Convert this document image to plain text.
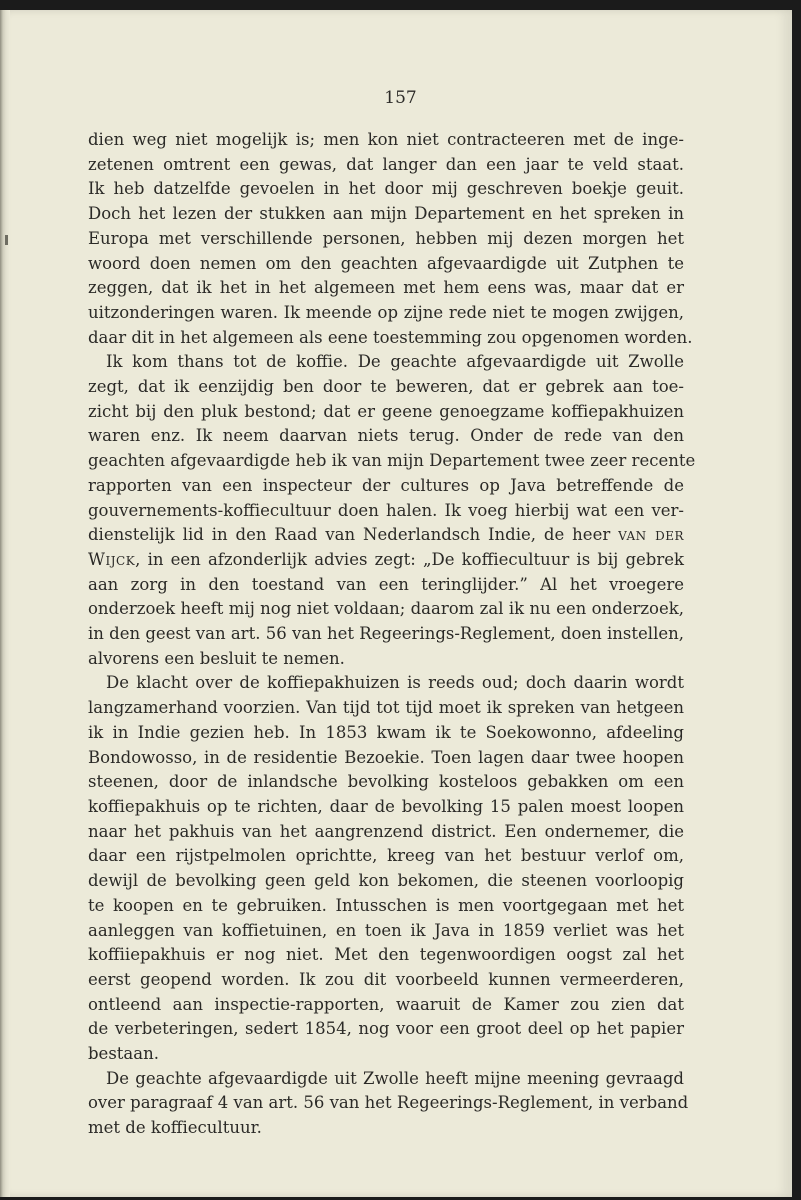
157
dien weg niet mogelijk is; men kon niet contracteeren met de inge-
zetenen omtrent een gewas, dat langer dan een jaar te veld staat.
Ik heb datzelfde gevoelen in het door mij geschreven boekje geuit.
Doch het lezen der stukken aan mijn Departement en het spreken in
Europa met verschillende personen, hebben mij dezen morgen het
woord doen nemen om den geachten afgevaardigde uit Zutphen te
zeggen, dat ik het in het algemeen met hem eens was, maar dat er
uitzonderingen waren. Ik meende op zijne rede niet te mogen zwijgen,
daar dit in het algemeen als eene toestemming zou opgenomen worden.
Ik kom thans tot de koffie. De geachte afgevaardigde uit Zwolle
zegt, dat ik eenzijdig ben door te beweren, dat er gebrek aan toe-
zicht bij den pluk bestond; dat er geene genoegzame koffiepakhuizen
waren enz. Ik neem daarvan niets terug. Onder de rede van den
geachten afgevaardigde heb ik van mijn Departement twee zeer recente
rapporten van een inspecteur der cultures op Java betreffende de
gouvernements-koffiecultuur doen halen. Ik voeg hierbij wat een ver-
dienstelijk lid in den Raad van Nederlandsch Indie, de heer van der
Wijck, in een afzonderlijk advies zegt: „De koffiecultuur is bij gebrek
aan zorg in den toestand van een teringlijder.” Al het vroegere
onderzoek heeft mij nog niet voldaan; daarom zal ik nu een onderzoek,
in den geest van art. 56 van het Regeerings-Reglement, doen instellen,
alvorens een besluit te nemen.
De klacht over de koffiepakhuizen is reeds oud; doch daarin wordt
langzamerhand voorzien. Van tijd tot tijd moet ik spreken van hetgeen
ik in Indie gezien heb. In 1853 kwam ik te Soekowonno, afdeeling
Bondowosso, in de residentie Bezoekie. Toen lagen daar twee hoopen
steenen, door de inlandsche bevolking kosteloos gebakken om een
koffiepakhuis op te richten, daar de bevolking 15 palen moest loopen
naar het pakhuis van het aangrenzend district. Een ondernemer, die
daar een rijstpelmolen oprichtte, kreeg van het bestuur verlof om,
dewijl de bevolking geen geld kon bekomen, die steenen voorloopig
te koopen en te gebruiken. Intusschen is men voortgegaan met het
aanleggen van koffietuinen, en toen ik Java in 1859 verliet was het
koffiiepakhuis er nog niet. Met den tegenwoordigen oogst zal het
eerst geopend worden. Ik zou dit voorbeeld kunnen vermeerderen,
ontleend aan inspectie-rapporten, waaruit de Kamer zou zien dat
de verbeteringen, sedert 1854, nog voor een groot deel op het papier
bestaan.
De geachte afgevaardigde uit Zwolle heeft mijne meening gevraagd
over paragraaf 4 van art. 56 van het Regeerings-Reglement, in verband
met de koffiecultuur.
